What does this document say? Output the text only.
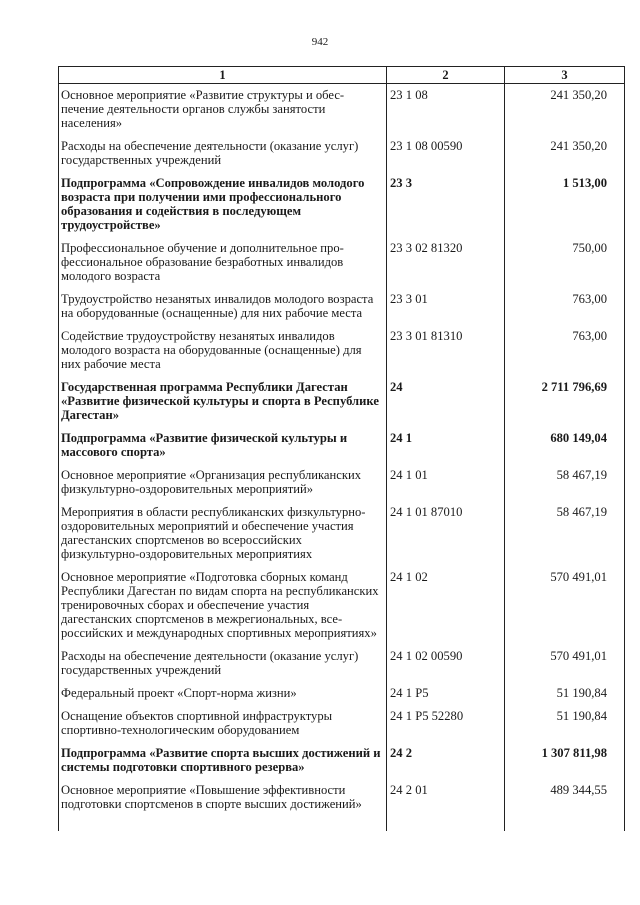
942
1	2	3
Основное мероприятие «Развитие структуры и обеспечение деятельности органов службы занятости населения»	23 1 08	241 350,20
Расходы на обеспечение деятельности (оказание услуг) государственных учреждений	23 1 08 00590	241 350,20
Подпрограмма «Сопровождение инвалидов молодого возраста при получении ими профессионального образования и содействия в последующем трудоустройстве»	23 3	1 513,00
Профессиональное обучение и дополнительное профессиональное образование безработных инвалидов молодого возраста	23 3 02 81320	750,00
Трудоустройство незанятых инвалидов молодого возраста на оборудованные (оснащенные) для них рабочие места	23 3 01	763,00
Содействие трудоустройству незанятых инвалидов молодого возраста на оборудованные (оснащенные) для них рабочие места	23 3 01 81310	763,00
Государственная программа Республики Дагестан «Развитие физической культуры и спорта в Республике Дагестан»	24	2 711 796,69
Подпрограмма «Развитие физической культуры и массового спорта»	24 1	680 149,04
Основное мероприятие «Организация республиканских физкультурно-оздоровительных мероприятий»	24 1 01	58 467,19
Мероприятия в области республиканских физкультурно-оздоровительных мероприятий и обеспечение участия дагестанских спортсменов во всероссийских физкультурно-оздоровительных мероприятиях	24 1 01 87010	58 467,19
Основное мероприятие «Подготовка сборных команд Республики Дагестан по видам спорта на республиканских тренировочных сборах и обеспечение участия дагестанских спортсменов в межрегиональных, всероссийских и международных спортивных мероприятиях»	24 1 02	570 491,01
Расходы на обеспечение деятельности (оказание услуг) государственных учреждений	24 1 02 00590	570 491,01
Федеральный проект «Спорт-норма жизни»	24 1 P5	51 190,84
Оснащение объектов спортивной инфраструктуры спортивно-технологическим оборудованием	24 1 P5 52280	51 190,84
Подпрограмма «Развитие спорта высших достижений и системы подготовки спортивного резерва»	24 2	1 307 811,98
Основное мероприятие «Повышение эффективности подготовки спортсменов в спорте высших достижений»	24 2 01	489 344,55
